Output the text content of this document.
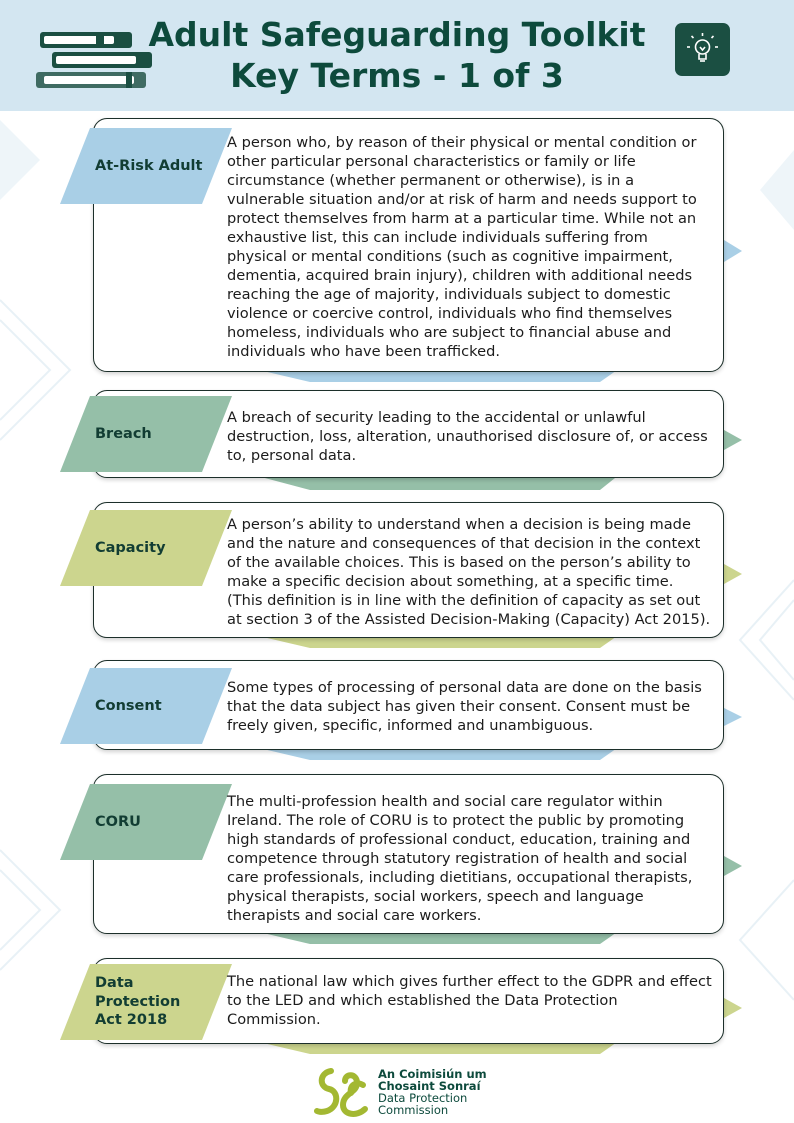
Adult Safeguarding Toolkit
Key Terms - 1 of 3
At-Risk Adult

A person who, by reason of their physical or mental condition or other particular personal characteristics or family or life circumstance (whether permanent or otherwise), is in a vulnerable situation and/or at risk of harm and needs support to protect themselves from harm at a particular time. While not an exhaustive list, this can include individuals suffering from physical or mental conditions (such as cognitive impairment, dementia, acquired brain injury), children with additional needs reaching the age of majority, individuals subject to domestic violence or coercive control, individuals who find themselves homeless, individuals who are subject to financial abuse and individuals who have been trafficked.

Breach

A breach of security leading to the accidental or unlawful destruction, loss, alteration, unauthorised disclosure of, or access to, personal data.

Capacity

A person’s ability to understand when a decision is being made and the nature and consequences of that decision in the context of the available choices. This is based on the person’s ability to make a specific decision about something, at a specific time. (This definition is in line with the definition of capacity as set out at section 3 of the Assisted Decision-Making (Capacity) Act 2015).

Consent

Some types of processing of personal data are done on the basis that the data subject has given their consent. Consent must be freely given, specific, informed and unambiguous.

CORU

The multi-profession health and social care regulator within Ireland. The role of CORU is to protect the public by promoting high standards of professional conduct, education, training and competence through statutory registration of health and social care professionals, including dietitians, occupational therapists, physical therapists, social workers, speech and language therapists and social care workers.

Data Protection Act 2018

The national law which gives further effect to the GDPR and effect to the LED and which established the Data Protection Commission.

An Coimisiún um
Chosaint Sonraí
Data Protection
Commission
